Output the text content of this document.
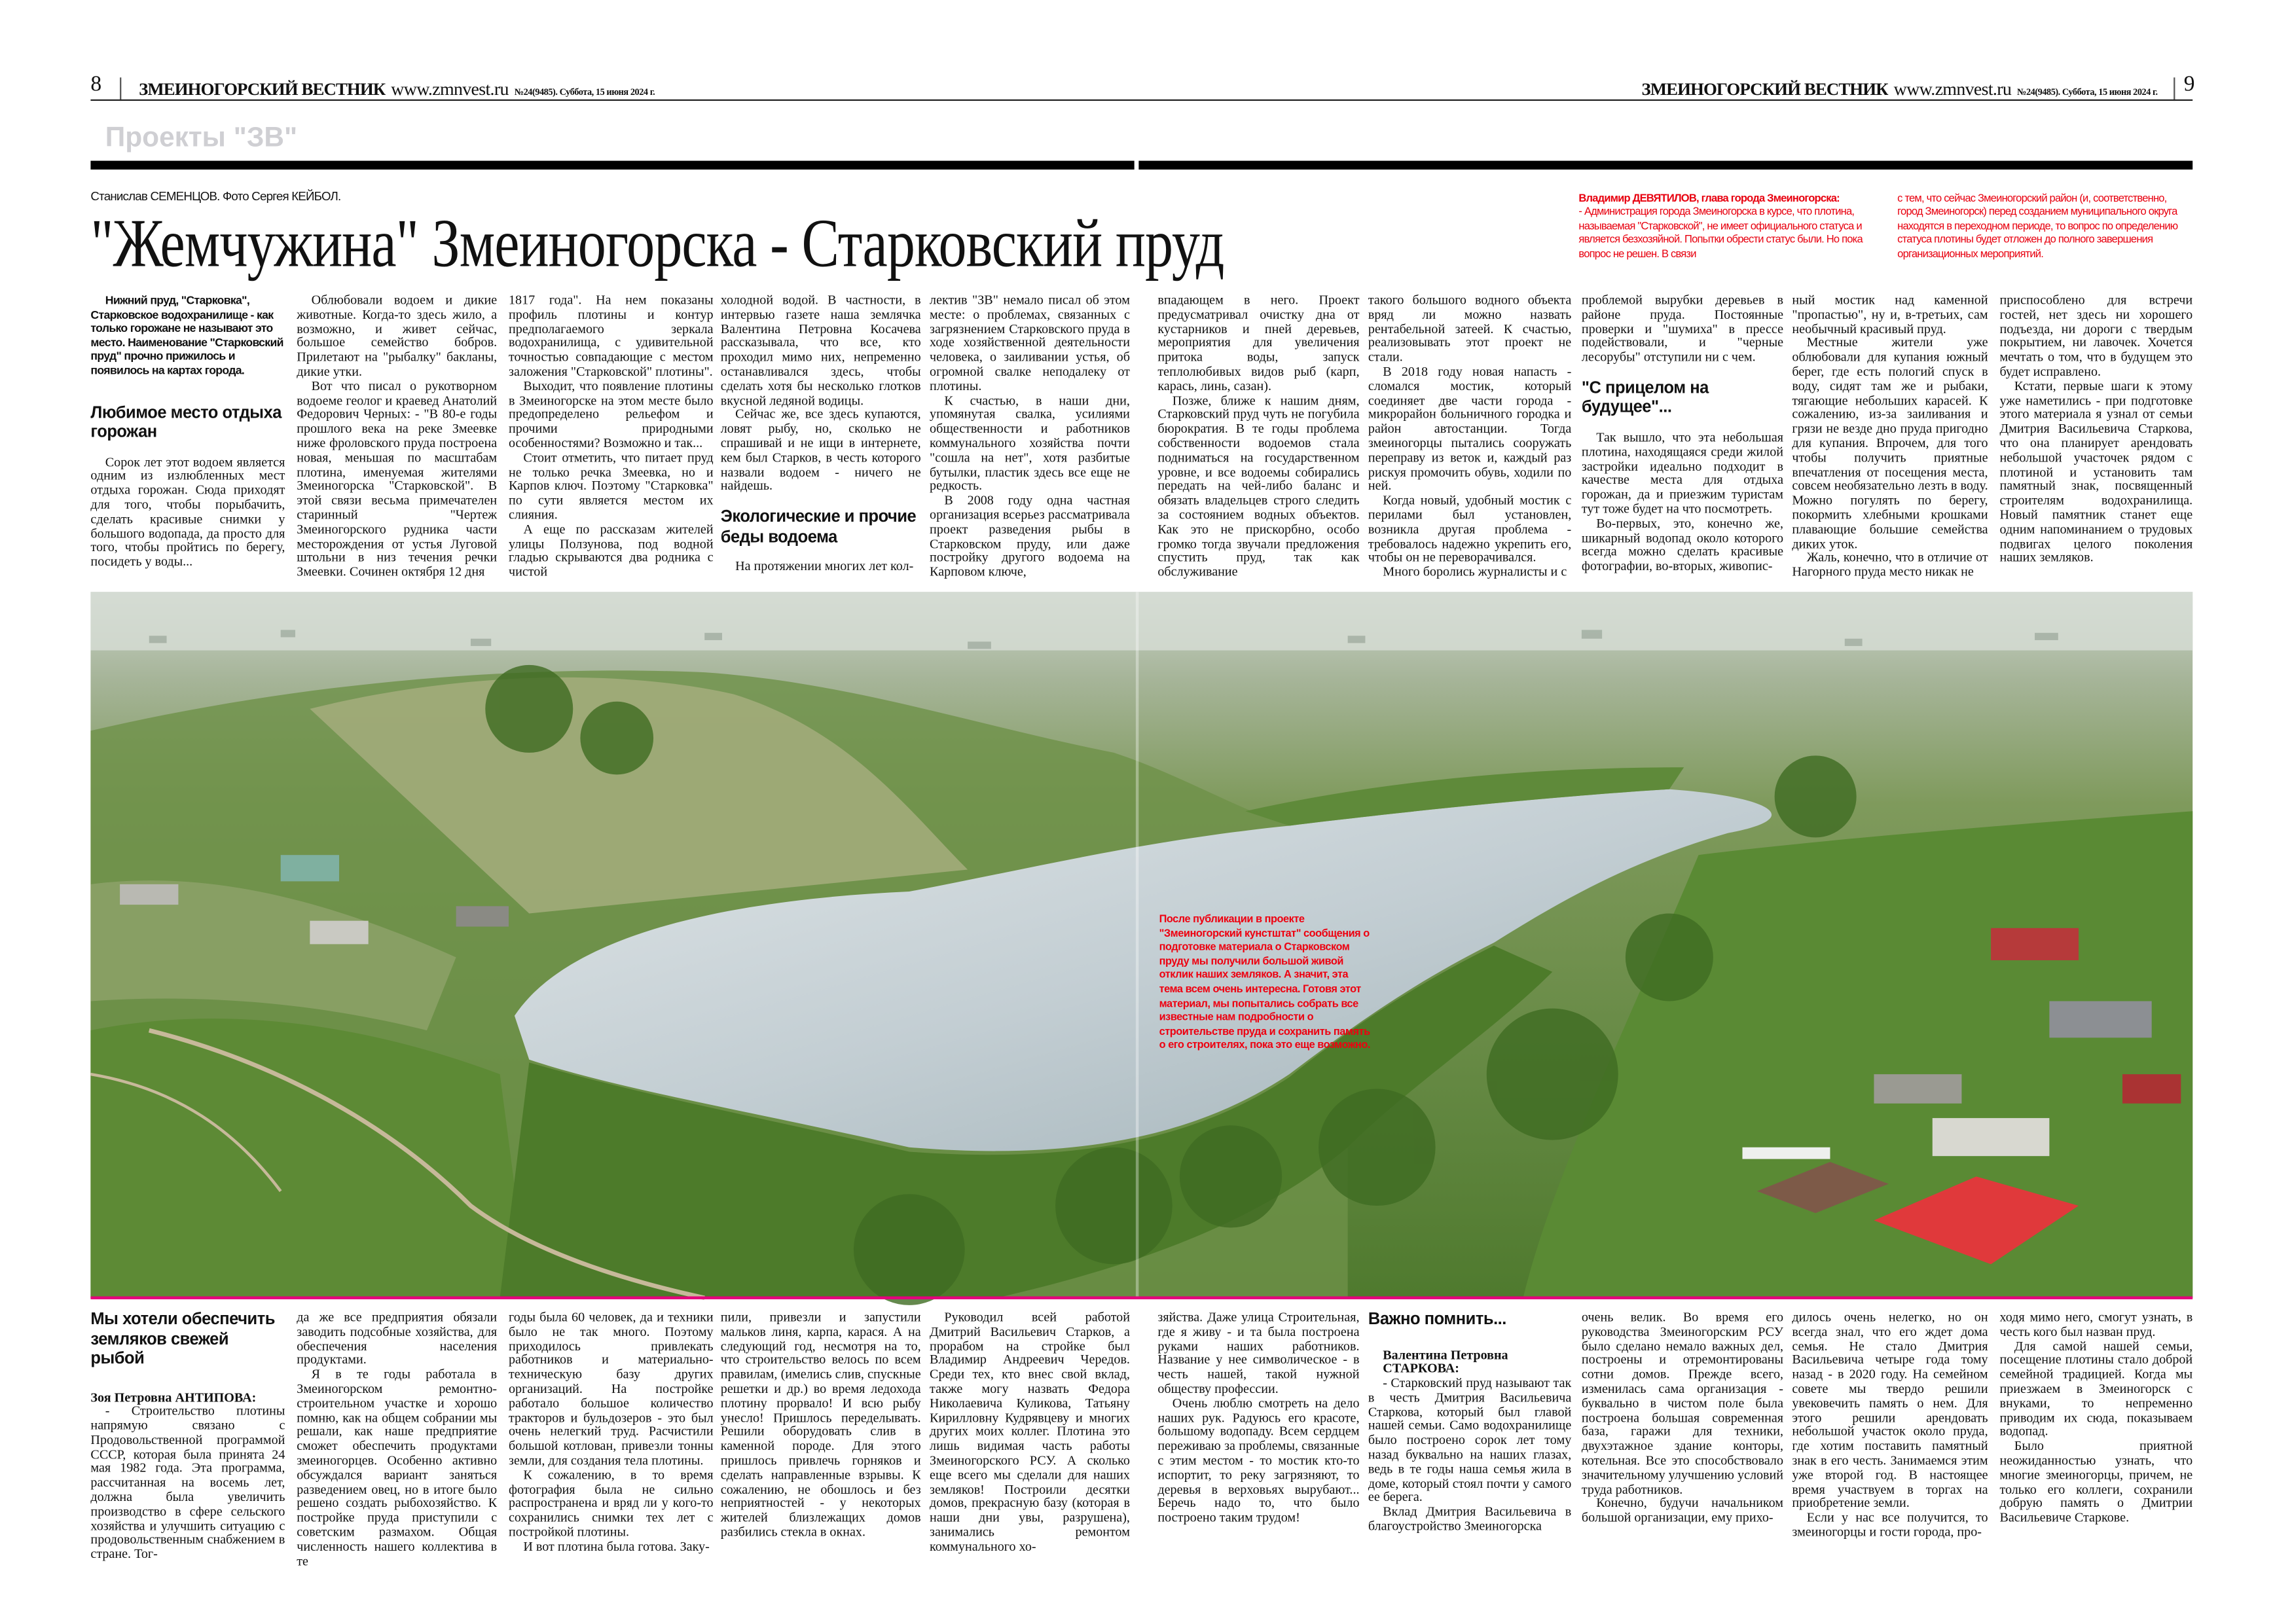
8	ЗМЕИНОГОРСКИЙ ВЕСТНИК www.zmnvest.ru №24(9485). Суббота, 15 июня 2024 г.	ЗМЕИНОГОРСКИЙ ВЕСТНИК www.zmnvest.ru №24(9485). Суббота, 15 июня 2024 г.	9
Проекты "ЗВ"
Станислав СЕМЕНЦОВ. Фото Сергея КЕЙБОЛ.
"Жемчужина" Змеиногорска - Старковский пруд
Владимир ДЕВЯТИЛОВ, глава города Змеиногорска:
- Администрация города Змеиногорска в курсе, что плотина, называемая "Старковской", не имеет официального статуса и является безхозяйной. Попытки обрести статус были. Но пока вопрос не решен. В связи
с тем, что сейчас Змеиногорский район (и, соответственно, город Змеиногорск) перед созданием муниципального округа находятся в переходном периоде, то вопрос по определению статуса плотины будет отложен до полного завершения организационных мероприятий.

Нижний пруд, "Старковка", Старковское водохранилище - как только горожане не называют это место. Наименование "Старковский пруд" прочно прижилось и появилось на картах города.

Любимое место отдыха горожан

Сорок лет этот водоем является одним из излюбленных мест отдыха горожан. Сюда приходят для того, чтобы порыбачить, сделать красивые снимки у большого водопада, да просто для того, чтобы пройтись по берегу, посидеть у воды...

Облюбовали водоем и дикие животные. Когда-то здесь жило, а возможно, и живет сейчас, большое семейство бобров. Прилетают на "рыбалку" бакланы, дикие утки.

Вот что писал о рукотворном водоеме геолог и краевед Анатолий Федорович Черных: - "В 80-е годы прошлого века на реке Змеевке ниже фроловского пруда построена новая, меньшая по масштабам плотина, именуемая жителями Змеиногорска "Старковской". В этой связи весьма примечателен старинный "Чертеж Змеиногорского рудника части месторождения от устья Луговой штольни в низ течения речки Змеевки. Сочинен октября 12 дня

1817 года". На нем показаны профиль плотины и контур предполагаемого зеркала водохранилища, с удивительной точностью совпадающие с местом заложения "Старковской" плотины".

Выходит, что появление плотины в Змеиногорске на этом месте было предопределено рельефом и прочими природными особенностями? Возможно и так...

Стоит отметить, что питает пруд не только речка Змеевка, но и Карпов ключ. Поэтому "Старковка" по сути является местом их слияния.

А еще по рассказам жителей улицы Ползунова, под водной гладью скрываются два родника с чистой

холодной водой. В частности, в интервью газете наша землячка Валентина Петровна Косачева рассказывала, что все, кто проходил мимо них, непременно останавливался здесь, чтобы сделать хотя бы несколько глотков вкусной ледяной водицы.

Сейчас же, все здесь купаются, ловят рыбу, но, сколько не спрашивай и не ищи в интернете, кем был Старков, в честь которого назвали водоем - ничего не найдешь.

Экологические и прочие беды водоема

На протяжении многих лет кол-

лектив "ЗВ" немало писал об этом месте: о проблемах, связанных с загрязнением Старковского пруда в ходе хозяйственной деятельности человека, о заиливании устья, об огромной свалке неподалеку от плотины.

К счастью, в наши дни, упомянутая свалка, усилиями общественности и работников коммунального хозяйства почти "сошла на нет", хотя разбитые бутылки, пластик здесь все еще не редкость.

В 2008 году одна частная организация всерьез рассматривала проект разведения рыбы в Старковском пруду, или даже постройку другого водоема на Карповом ключе,

впадающем в него. Проект предусматривал очистку дна от кустарников и пней деревьев, мероприятия для увеличения притока воды, запуск теплолюбивых видов рыб (карп, карась, линь, сазан).

Позже, ближе к нашим дням, Старковский пруд чуть не погубила бюрократия. В те годы проблема собственности водоемов стала подниматься на государственном уровне, и все водоемы собирались передать на чей-либо баланс и обязать владельцев строго следить за состоянием водных объектов. Как это не прискорбно, особо громко тогда звучали предложения спустить пруд, так как обслуживание

такого большого водного объекта вряд ли можно назвать рентабельной затеей. К счастью, реализовывать этот проект не стали.

В 2018 году новая напасть - сломался мостик, который соединяет две части города - микрорайон больничного городка и район автостанции. Тогда змеиногорцы пытались сооружать переправу из веток и, каждый раз рискуя промочить обувь, ходили по ней.

Когда новый, удобный мостик с перилами был установлен, возникла другая проблема - требовалось надежно укрепить его, чтобы он не переворачивался.

Много боролись журналисты и с

проблемой вырубки деревьев в районе пруда. Постоянные проверки и "шумиха" в прессе подействовали, и "черные лесорубы" отступили ни с чем.

"С прицелом на будущее"...

Так вышло, что эта небольшая плотина, находящаяся среди жилой застройки идеально подходит в качестве места для отдыха горожан, да и приезжим туристам тут тоже будет на что посмотреть.

Во-первых, это, конечно же, шикарный водопад около которого всегда можно сделать красивые фотографии, во-вторых, живопис-

ный мостик над каменной "пропастью", ну и, в-третьих, сам необычный красивый пруд.

Местные жители уже облюбовали для купания южный берег, где есть пологий спуск в воду, сидят там же и рыбаки, тягающие небольших карасей. К сожалению, из-за заиливания и грязи не везде дно пруда пригодно для купания. Впрочем, для того чтобы получить приятные впечатления от посещения места, совсем необязательно лезть в воду. Можно погулять по берегу, покормить хлебными крошками плавающие большие семейства диких уток.

Жаль, конечно, что в отличие от Нагорного пруда место никак не

приспособлено для встречи гостей, нет здесь ни хорошего подъезда, ни дороги с твердым покрытием, ни лавочек. Хочется мечтать о том, что в будущем это будет исправлено.

Кстати, первые шаги к этому уже наметились - при подготовке этого материала я узнал от семьи Дмитрия Васильевича Старкова, что она планирует арендовать небольшой участочек рядом с плотиной и установить там памятный знак, посвященный строителям водохранилища. Новый памятник станет еще одним напоминанием о трудовых подвигах целого поколения наших земляков.

После публикации в проекте "Змеиногорский кунстштат" сообщения о подготовке материала о Старковском пруду мы получили большой живой отклик наших земляков. А значит, эта тема всем очень интересна. Готовя этот материал, мы попытались собрать все известные нам подробности о строительстве пруда и сохранить память о его строителях, пока это еще возможно.
Мы хотели обеспечить земляков свежей рыбой

Зоя Петровна АНТИПОВА:

- Строительство плотины напрямую связано с Продовольственной программой СССР, которая была принята 24 мая 1982 года. Эта программа, рассчитанная на восемь лет, должна была увеличить производство в сфере сельского хозяйства и улучшить ситуацию с продовольственным снабжением в стране. Тог-

да же все предприятия обязали заводить подсобные хозяйства, для обеспечения населения продуктами.

Я в те годы работала в Змеиногорском ремонтно-строительном участке и хорошо помню, как на общем собрании мы решали, как наше предприятие сможет обеспечить продуктами змеиногорцев. Особенно активно обсуждался вариант заняться разведением овец, но в итоге было решено создать рыбохозяйство. К постройке пруда приступили с советским размахом. Общая численность нашего коллектива в те

годы была 60 человек, да и техники было не так много. Поэтому приходилось привлекать работников и материально-техническую базу других организаций. На постройке работало большое количество тракторов и бульдозеров - это был очень нелегкий труд. Расчистили большой котлован, привезли тонны земли, для создания тела плотины.

К сожалению, в то время фотография была не сильно распространена и вряд ли у кого-то сохранились снимки тех лет с постройкой плотины.

И вот плотина была готова. Заку-

пили, привезли и запустили мальков линя, карпа, карася. А на следующий год, несмотря на то, что строительство велось по всем правилам, (имелись слив, спускные решетки и др.) во время ледохода плотину прорвало! И всю рыбу унесло! Пришлось переделывать. Решили оборудовать слив в каменной породе. Для этого пришлось привлечь горняков и сделать направленные взрывы. К сожалению, не обошлось и без неприятностей - у некоторых жителей близлежащих домов разбились стекла в окнах.

Руководил всей работой Дмитрий Васильевич Старков, а прорабом на стройке был Владимир Андреевич Чередов. Среди тех, кто внес свой вклад, также могу назвать Федора Николаевича Куликова, Татьяну Кирилловну Кудрявцеву и многих других моих коллег. Плотина это лишь видимая часть работы Змеиногорского РСУ. А сколько еще всего мы сделали для наших земляков! Построили десятки домов, прекрасную базу (которая в наши дни увы, разрушена), занимались ремонтом коммунального хо-

зяйства. Даже улица Строительная, где я живу - и та была построена руками наших работников. Название у нее символическое - в честь нашей, такой нужной обществу профессии.

Очень люблю смотреть на дело наших рук. Радуюсь его красоте, большому водопаду. Всем сердцем переживаю за проблемы, связанные с этим местом - то мостик кто-то испортит, то реку загрязняют, то деревья в верховьях вырубают... Беречь надо то, что было построено таким трудом!

Важно помнить...

Валентина Петровна СТАРКОВА:

- Старковский пруд называют так в честь Дмитрия Васильевича Старкова, который был главой нашей семьи. Само водохранилище было построено сорок лет тому назад буквально на наших глазах, ведь в те годы наша семья жила в доме, который стоял почти у самого ее берега.

Вклад Дмитрия Васильевича в благоустройство Змеиногорска

очень велик. Во время его руководства Змеиногорским РСУ было сделано немало важных дел, построены и отремонтированы сотни домов. Прежде всего, изменилась сама организация - буквально в чистом поле была построена большая современная база, гаражи для техники, двухэтажное здание конторы, котельная. Все это способствовало значительному улучшению условий труда работников.

Конечно, будучи начальником большой организации, ему прихо-

дилось очень нелегко, но он всегда знал, что его ждет дома семья. Не стало Дмитрия Васильевича четыре года тому назад - в 2020 году. На семейном совете мы твердо решили увековечить память о нем. Для этого решили арендовать небольшой участок около пруда, где хотим поставить памятный знак в его честь. Занимаемся этим уже второй год. В настоящее время участвуем в торгах на приобретение земли.

Если у нас все получится, то змеиногорцы и гости города, про-

ходя мимо него, смогут узнать, в честь кого был назван пруд.

Для самой нашей семьи, посещение плотины стало доброй семейной традицией. Когда мы приезжаем в Змеиногорск с внуками, то непременно приводим их сюда, показываем водопад.

Было приятной неожиданностью узнать, что многие змеиногорцы, причем, не только его коллеги, сохранили добрую память о Дмитрии Васильевиче Старкове.
